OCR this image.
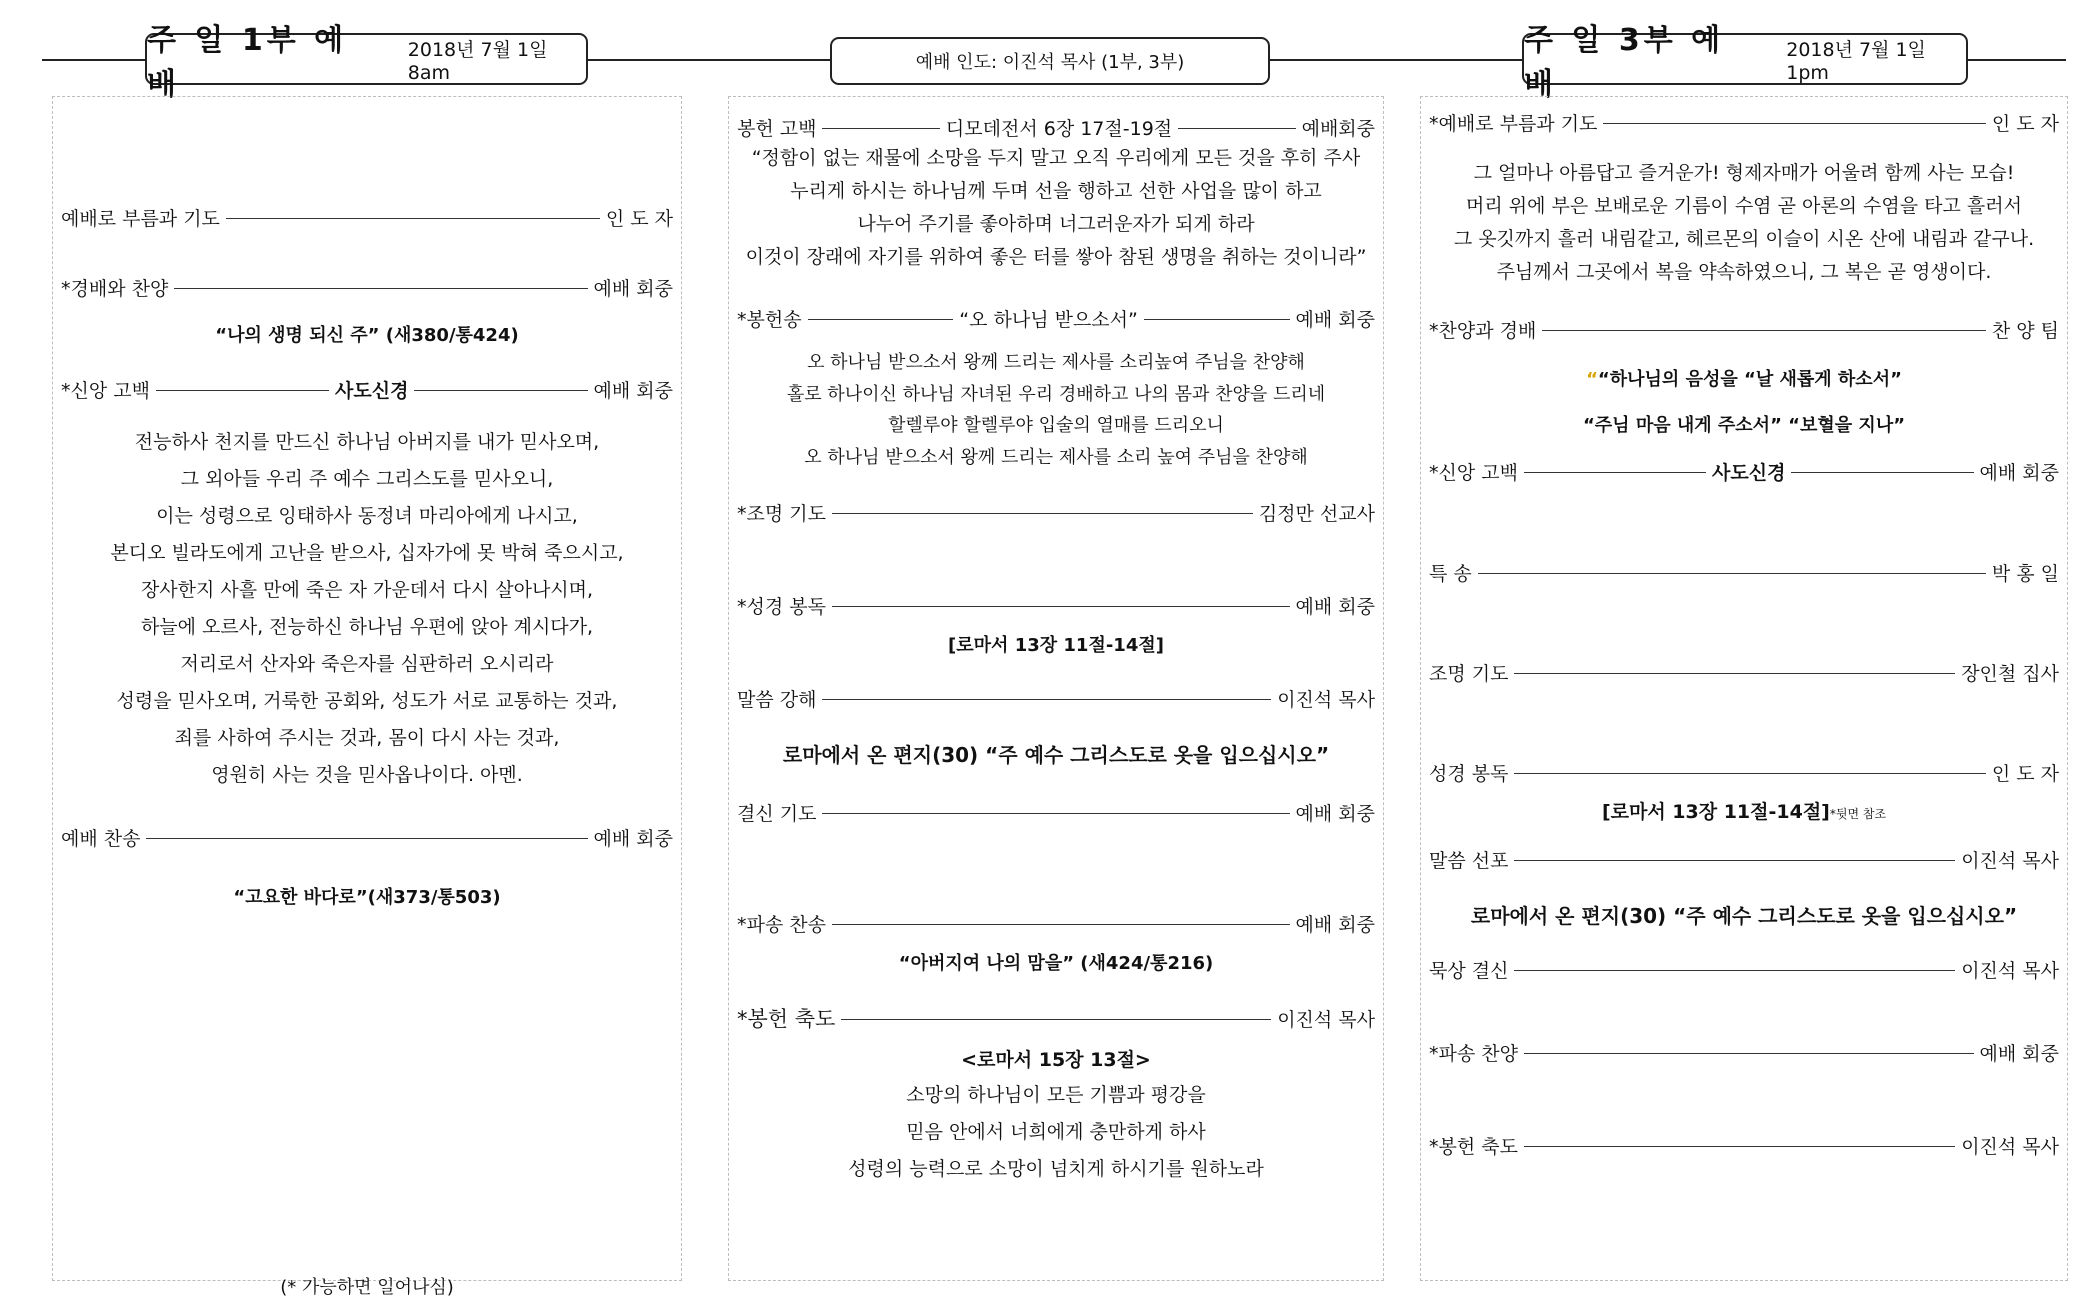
주 일 1부 예 배
2018년 7월 1일 8am	예배 인도: 이진석 목사 (1부, 3부)
주 일 3부 예 배
2018년 7월 1일 1pm
예배로 부름과 기도	인 도 자
*경배와 찬양	예배 회중
“나의 생명 되신 주” (새380/통424)
*신앙 고백	사도신경	예배 회중
전능하사 천지를 만드신 하나님 아버지를 내가 믿사오며,
그 외아들 우리 주 예수 그리스도를 믿사오니,
이는 성령으로 잉태하사 동정녀 마리아에게 나시고,
본디오 빌라도에게 고난을 받으사, 십자가에 못 박혀 죽으시고,
장사한지 사흘 만에 죽은 자 가운데서 다시 살아나시며,
하늘에 오르사, 전능하신 하나님 우편에 앉아 계시다가,
저리로서 산자와 죽은자를 심판하러 오시리라
성령을 믿사오며, 거룩한 공회와, 성도가 서로 교통하는 것과,
죄를 사하여 주시는 것과, 몸이 다시 사는 것과,
영원히 사는 것을 믿사옵나이다. 아멘.
예배 찬송	예배 회중
“고요한 바다로”(새373/통503)
(* 가능하면 일어나심)
봉헌 고백	디모데전서 6장 17절-19절	예배회중
“정함이 없는 재물에 소망을 두지 말고 오직 우리에게 모든 것을 후히 주사
누리게 하시는 하나님께 두며 선을 행하고 선한 사업을 많이 하고
나누어 주기를 좋아하며 너그러운자가 되게 하라
이것이 장래에 자기를 위하여 좋은 터를 쌓아 참된 생명을 취하는 것이니라”
*봉헌송	“오 하나님 받으소서”	예배 회중
오 하나님 받으소서 왕께 드리는 제사를 소리높여 주님을 찬양해
홀로 하나이신 하나님 자녀된 우리 경배하고 나의 몸과 찬양을 드리네
할렐루야 할렐루야 입술의 열매를 드리오니
오 하나님 받으소서 왕께 드리는 제사를 소리 높여 주님을 찬양해
*조명 기도	김정만 선교사
*성경 봉독	예배 회중
[로마서 13장 11절-14절]
말씀 강해	이진석 목사
로마에서 온 편지(30) “주 예수 그리스도로 옷을 입으십시오”
결신 기도	예배 회중
*파송 찬송	예배 회중
“아버지여 나의 맘을” (새424/통216)
*봉헌 축도	이진석 목사
<로마서 15장 13절>
소망의 하나님이 모든 기쁨과 평강을
믿음 안에서 너희에게 충만하게 하사
성령의 능력으로 소망이 넘치게 하시기를 원하노라
*예배로 부름과 기도	인 도 자
그 얼마나 아름답고 즐거운가! 형제자매가 어울려 함께 사는 모습!
머리 위에 부은 보배로운 기름이 수염 곧 아론의 수염을 타고 흘러서
그 옷깃까지 흘러 내림같고, 헤르몬의 이슬이 시온 산에 내림과 같구나.
주님께서 그곳에서 복을 약속하였으니, 그 복은 곧 영생이다.
*찬양과 경배	찬 양 팀
““하나님의 음성을 “날 새롭게 하소서”
“주님 마음 내게 주소서” “보혈을 지나”
*신앙 고백	사도신경	예배 회중
특 송	박 홍 일
조명 기도	장인철 집사
성경 봉독	인 도 자
[로마서 13장 11절-14절]*뒷면 참조
말씀 선포	이진석 목사
로마에서 온 편지(30) “주 예수 그리스도로 옷을 입으십시오”
묵상 결신	이진석 목사
*파송 찬양	예배 회중
*봉헌 축도	이진석 목사
